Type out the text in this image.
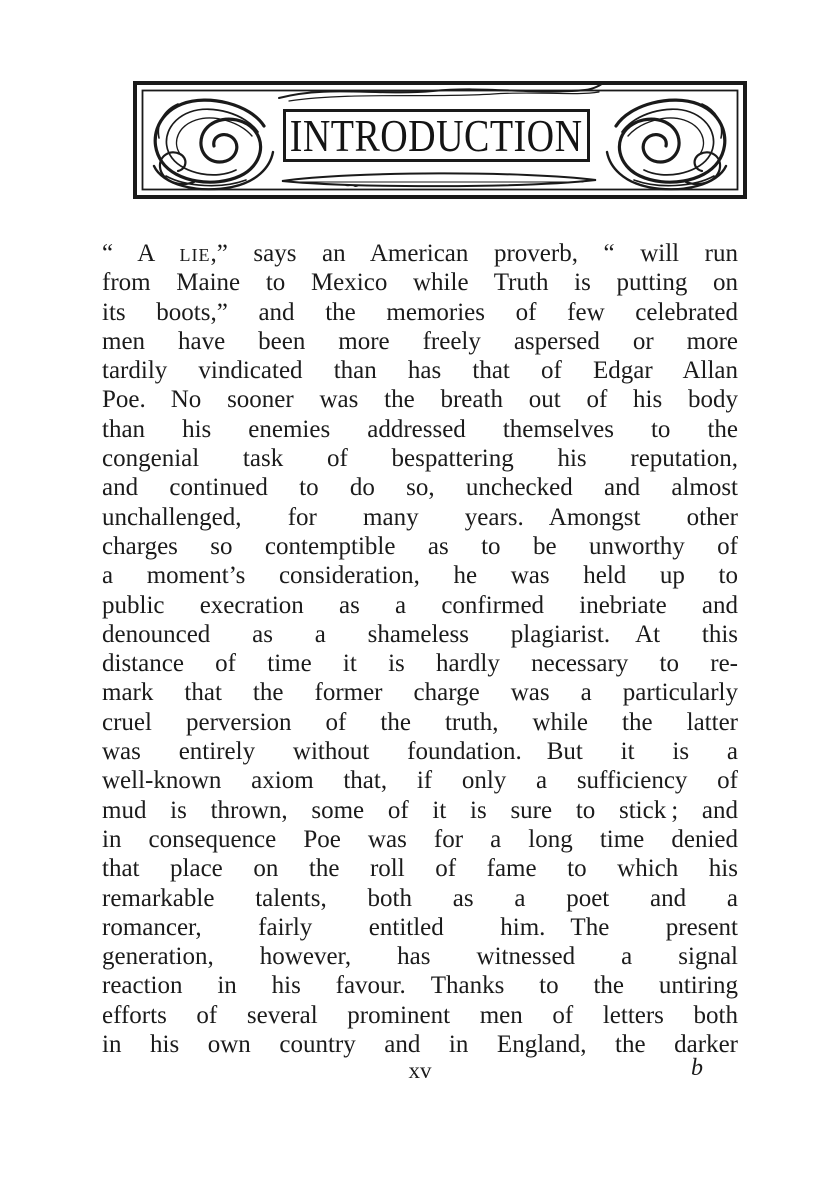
INTRODUCTION
“ A lie,” says an American proverb, “ will run
from Maine to Mexico while Truth is putting on
its boots,” and the memories of few celebrated
men have been more freely aspersed or more
tardily vindicated than has that of Edgar Allan
Poe. No sooner was the breath out of his body
than his enemies addressed themselves to the
congenial task of bespattering his reputation,
and continued to do so, unchecked and almost
unchallenged, for many years. Amongst other
charges so contemptible as to be unworthy of
a moment’s consideration, he was held up to
public execration as a confirmed inebriate and
denounced as a shameless plagiarist. At this
distance of time it is hardly necessary to re-
mark that the former charge was a particularly
cruel perversion of the truth, while the latter
was entirely without foundation. But it is a
well-known axiom that, if only a sufficiency of
mud is thrown, some of it is sure to stick ; and
in consequence Poe was for a long time denied
that place on the roll of fame to which his
remarkable talents, both as a poet and a
romancer, fairly entitled him. The present
generation, however, has witnessed a signal
reaction in his favour. Thanks to the untiring
efforts of several prominent men of letters both
in his own country and in England, the darker
xv	b
